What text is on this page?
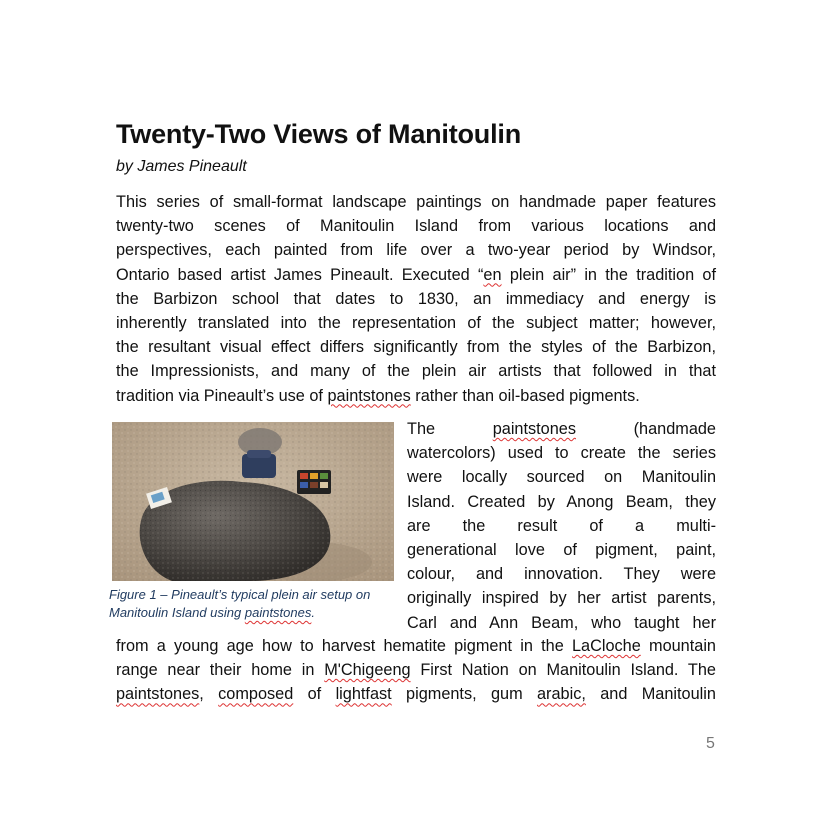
Twenty-Two Views of Manitoulin
by James Pineault

This series of small-format landscape paintings on handmade paper features
twenty-two scenes of Manitoulin Island from various locations and
perspectives, each painted from life over a two-year period by Windsor,
Ontario based artist James Pineault. Executed “en plein air” in the tradition of
the Barbizon school that dates to 1830, an immediacy and energy is
inherently translated into the representation of the subject matter; however,
the resultant visual effect differs significantly from the styles of the Barbizon,
the Impressionists, and many of the plein air artists that followed in that
tradition via Pineault’s use of paintstones rather than oil-based pigments.

Figure 1 – Pineault’s typical plein air setup on
Manitoulin Island using paintstones.

The paintstones (handmade
watercolors) used to create the series
were locally sourced on Manitoulin
Island. Created by Anong Beam, they
are the result of a multi-
generational love of pigment, paint,
colour, and innovation. They were
originally inspired by her artist parents,
Carl and Ann Beam, who taught her

from a young age how to harvest hematite pigment in the LaCloche mountain
range near their home in M'Chigeeng First Nation on Manitoulin Island. The
paintstones, composed of lightfast pigments, gum arabic, and Manitoulin

5
